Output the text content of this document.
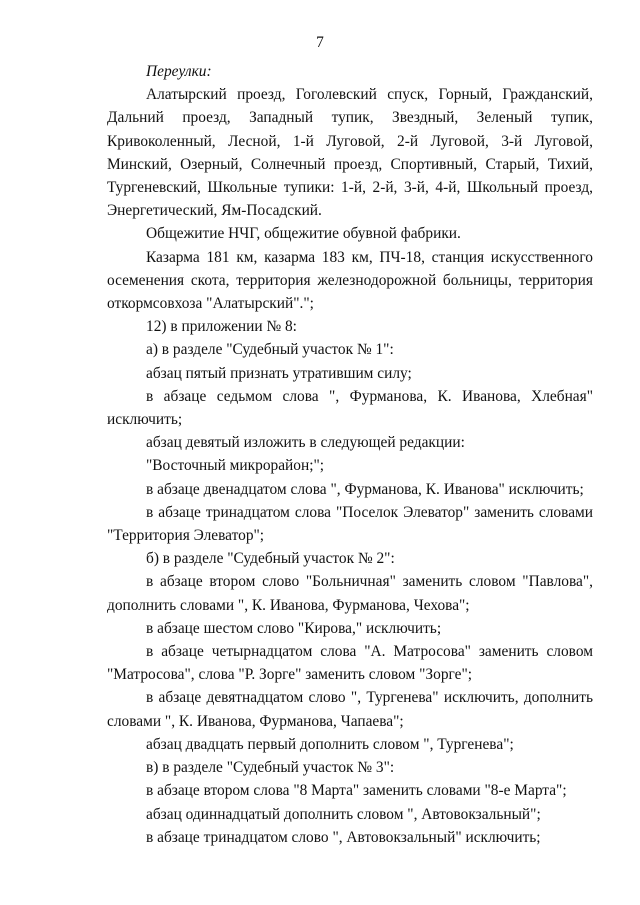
7

Переулки:

Алатырский проезд, Гоголевский спуск, Горный, Гражданский, Дальний проезд, Западный тупик, Звездный, Зеленый тупик, Кривоколенный, Лесной, 1-й Луговой, 2-й Луговой, 3-й Луговой, Минский, Озерный, Солнечный проезд, Спортивный, Старый, Тихий, Тургеневский, Школьные тупики: 1-й, 2-й, 3-й, 4-й, Школьный проезд, Энергетический, Ям-Посадский.

Общежитие НЧГ, общежитие обувной фабрики.

Казарма 181 км, казарма 183 км, ПЧ-18, станция искусственного осеменения скота, территория железнодорожной больницы, территория откормсовхоза "Алатырский".";

12) в приложении № 8:

а) в разделе "Судебный участок № 1":

абзац пятый признать утратившим силу;

в абзаце седьмом слова ", Фурманова, К. Иванова, Хлебная" исключить;

абзац девятый изложить в следующей редакции:

"Восточный микрорайон;";

в абзаце двенадцатом слова ", Фурманова, К. Иванова" исключить;

в абзаце тринадцатом слова "Поселок Элеватор" заменить словами "Территория Элеватор";

б) в разделе "Судебный участок № 2":

в абзаце втором слово "Больничная" заменить словом "Павлова", дополнить словами ", К. Иванова, Фурманова, Чехова";

в абзаце шестом слово "Кирова," исключить;

в абзаце четырнадцатом слова "А. Матросова" заменить словом "Матросова", слова "Р. Зорге" заменить словом "Зорге";

в абзаце девятнадцатом слово ", Тургенева" исключить, дополнить словами ", К. Иванова, Фурманова, Чапаева";

абзац двадцать первый дополнить словом ", Тургенева";

в) в разделе "Судебный участок № 3":

в абзаце втором слова "8 Марта" заменить словами "8-е Марта";

абзац одиннадцатый дополнить словом ", Автовокзальный";

в абзаце тринадцатом слово ", Автовокзальный" исключить;
